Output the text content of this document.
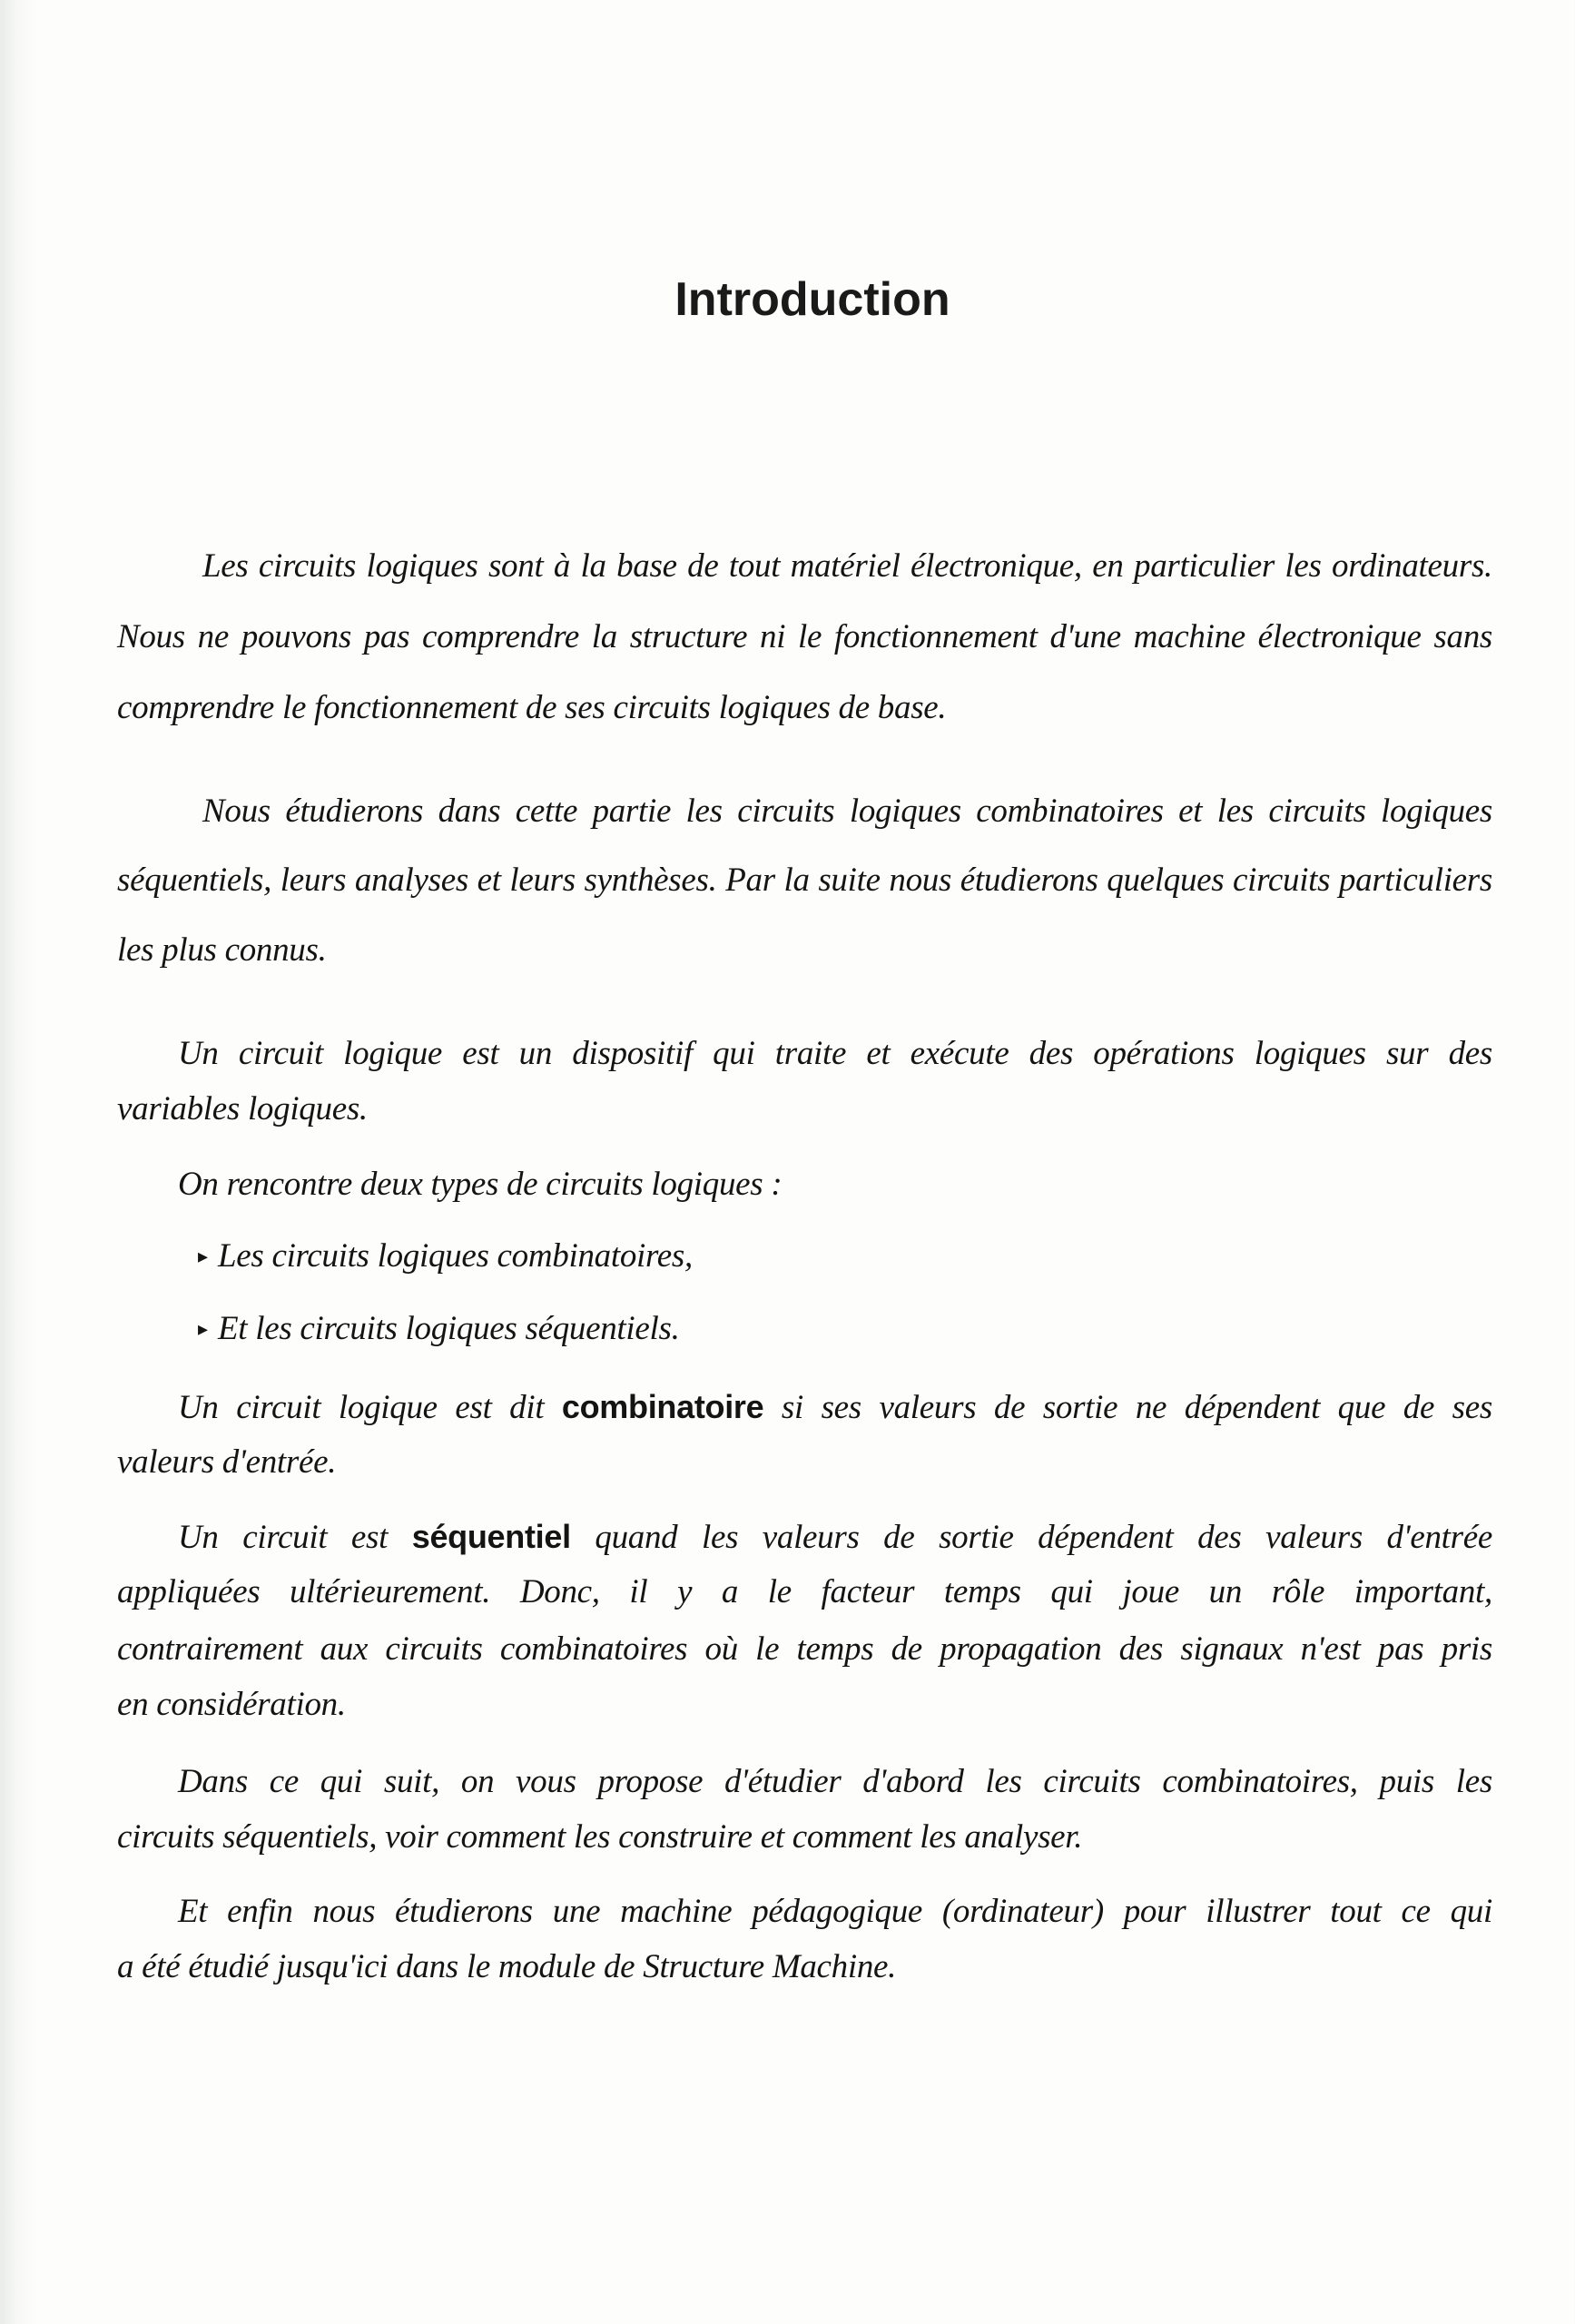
Introduction
Les circuits logiques sont à la base de tout matériel électronique, en particulier les ordinateurs.
Nous ne pouvons pas comprendre la structure ni le fonctionnement d'une machine électronique sans
comprendre le fonctionnement de ses circuits logiques de base.
Nous étudierons dans cette partie les circuits logiques combinatoires et les circuits logiques
séquentiels, leurs analyses et leurs synthèses. Par la suite nous étudierons quelques circuits particuliers
les plus connus.
Un circuit logique est un dispositif qui traite et exécute des opérations logiques sur des
variables logiques.
On rencontre deux types de circuits logiques :
▸ Les circuits logiques combinatoires,
▸ Et les circuits logiques séquentiels.
Un circuit logique est dit combinatoire si ses valeurs de sortie ne dépendent que de ses
valeurs d'entrée.
Un circuit est séquentiel quand les valeurs de sortie dépendent des valeurs d'entrée
appliquées ultérieurement. Donc, il y a le facteur temps qui joue un rôle important,
contrairement aux circuits combinatoires où le temps de propagation des signaux n'est pas pris
en considération.
Dans ce qui suit, on vous propose d'étudier d'abord les circuits combinatoires, puis les
circuits séquentiels, voir comment les construire et comment les analyser.
Et enfin nous étudierons une machine pédagogique (ordinateur) pour illustrer tout ce qui
a été étudié jusqu'ici dans le module de Structure Machine.
